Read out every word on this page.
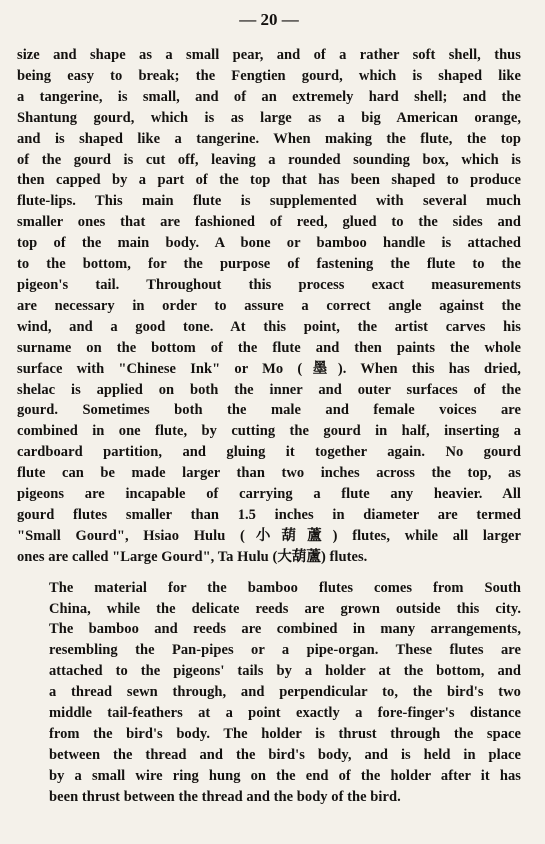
— 20 —

size and shape as a small pear, and of a rather soft shell, thus
being easy to break; the Fengtien gourd, which is shaped like
a tangerine, is small, and of an extremely hard shell; and the
Shantung gourd, which is as large as a big American orange,
and is shaped like a tangerine. When making the flute, the top
of the gourd is cut off, leaving a rounded sounding box, which is
then capped by a part of the top that has been shaped to produce
flute-lips. This main flute is supplemented with several much
smaller ones that are fashioned of reed, glued to the sides and
top of the main body. A bone or bamboo handle is attached
to the bottom, for the purpose of fastening the flute to the
pigeon's tail. Throughout this process exact measurements
are necessary in order to assure a correct angle against the
wind, and a good tone. At this point, the artist carves his
surname on the bottom of the flute and then paints the whole
surface with "Chinese Ink" or Mo (墨). When this has dried,
shelac is applied on both the inner and outer surfaces of the
gourd. Sometimes both the male and female voices are
combined in one flute, by cutting the gourd in half, inserting a
cardboard partition, and gluing it together again. No gourd
flute can be made larger than two inches across the top, as
pigeons are incapable of carrying a flute any heavier. All
gourd flutes smaller than 1.5 inches in diameter are termed
"Small Gourd", Hsiao Hulu (小葫蘆) flutes, while all larger
ones are called "Large Gourd", Ta Hulu (大葫蘆) flutes.

The material for the bamboo flutes comes from South
China, while the delicate reeds are grown outside this city.
The bamboo and reeds are combined in many arrangements,
resembling the Pan-pipes or a pipe-organ. These flutes are
attached to the pigeons' tails by a holder at the bottom, and
a thread sewn through, and perpendicular to, the bird's two
middle tail-feathers at a point exactly a fore-finger's distance
from the bird's body. The holder is thrust through the space
between the thread and the bird's body, and is held in place
by a small wire ring hung on the end of the holder after it has
been thrust between the thread and the body of the bird.
